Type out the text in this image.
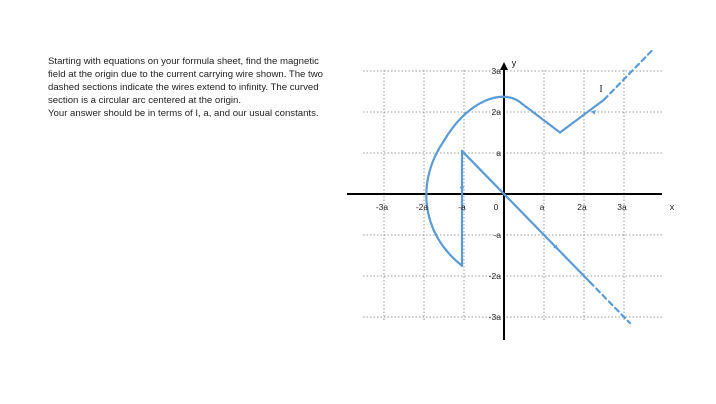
Starting with equations on your formula sheet, find the magnetic field at the origin due to the current carrying wire shown. The two dashed sections indicate the wires extend to infinity. The curved section is a circular arc centered at the origin.

Your answer should be in terms of I, a, and our usual constants.

-3a	-2a	-a	0	a	2a	3a
3a
2a
a
-a
-2a
-3a
x
y
I
